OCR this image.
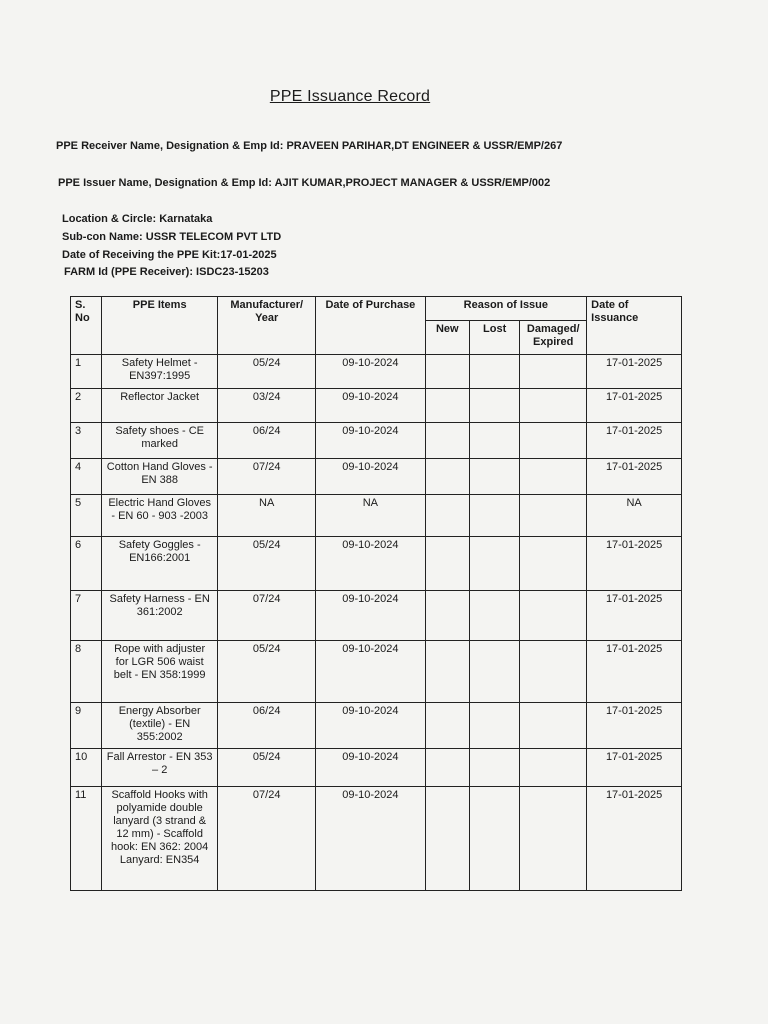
PPE Issuance Record
PPE Receiver Name, Designation & Emp Id: PRAVEEN PARIHAR,DT ENGINEER & USSR/EMP/267
PPE Issuer Name, Designation & Emp Id: AJIT KUMAR,PROJECT MANAGER & USSR/EMP/002
Location & Circle: Karnataka
Sub-con Name: USSR TELECOM PVT LTD
Date of Receiving the PPE Kit:17-01-2025
FARM Id (PPE Receiver): ISDC23-15203
S. No	PPE Items	Manufacturer/ Year	Date of Purchase	Reason of Issue			Date of Issuance
				New	Lost	Damaged/ Expired	
1	Safety Helmet - EN397:1995	05/24	09-10-2024				17-01-2025
2	Reflector Jacket	03/24	09-10-2024				17-01-2025
3	Safety shoes - CE marked	06/24	09-10-2024				17-01-2025
4	Cotton Hand Gloves - EN 388	07/24	09-10-2024				17-01-2025
5	Electric Hand Gloves - EN 60 - 903 -2003	NA	NA				NA
6	Safety Goggles - EN166:2001	05/24	09-10-2024				17-01-2025
7	Safety Harness - EN 361:2002	07/24	09-10-2024				17-01-2025
8	Rope with adjuster for LGR 506 waist belt - EN 358:1999	05/24	09-10-2024				17-01-2025
9	Energy Absorber (textile) - EN 355:2002	06/24	09-10-2024				17-01-2025
10	Fall Arrestor - EN 353 – 2	05/24	09-10-2024				17-01-2025
11	Scaffold Hooks with polyamide double lanyard (3 strand & 12 mm) - Scaffold hook: EN 362: 2004 Lanyard: EN354	07/24	09-10-2024				17-01-2025
